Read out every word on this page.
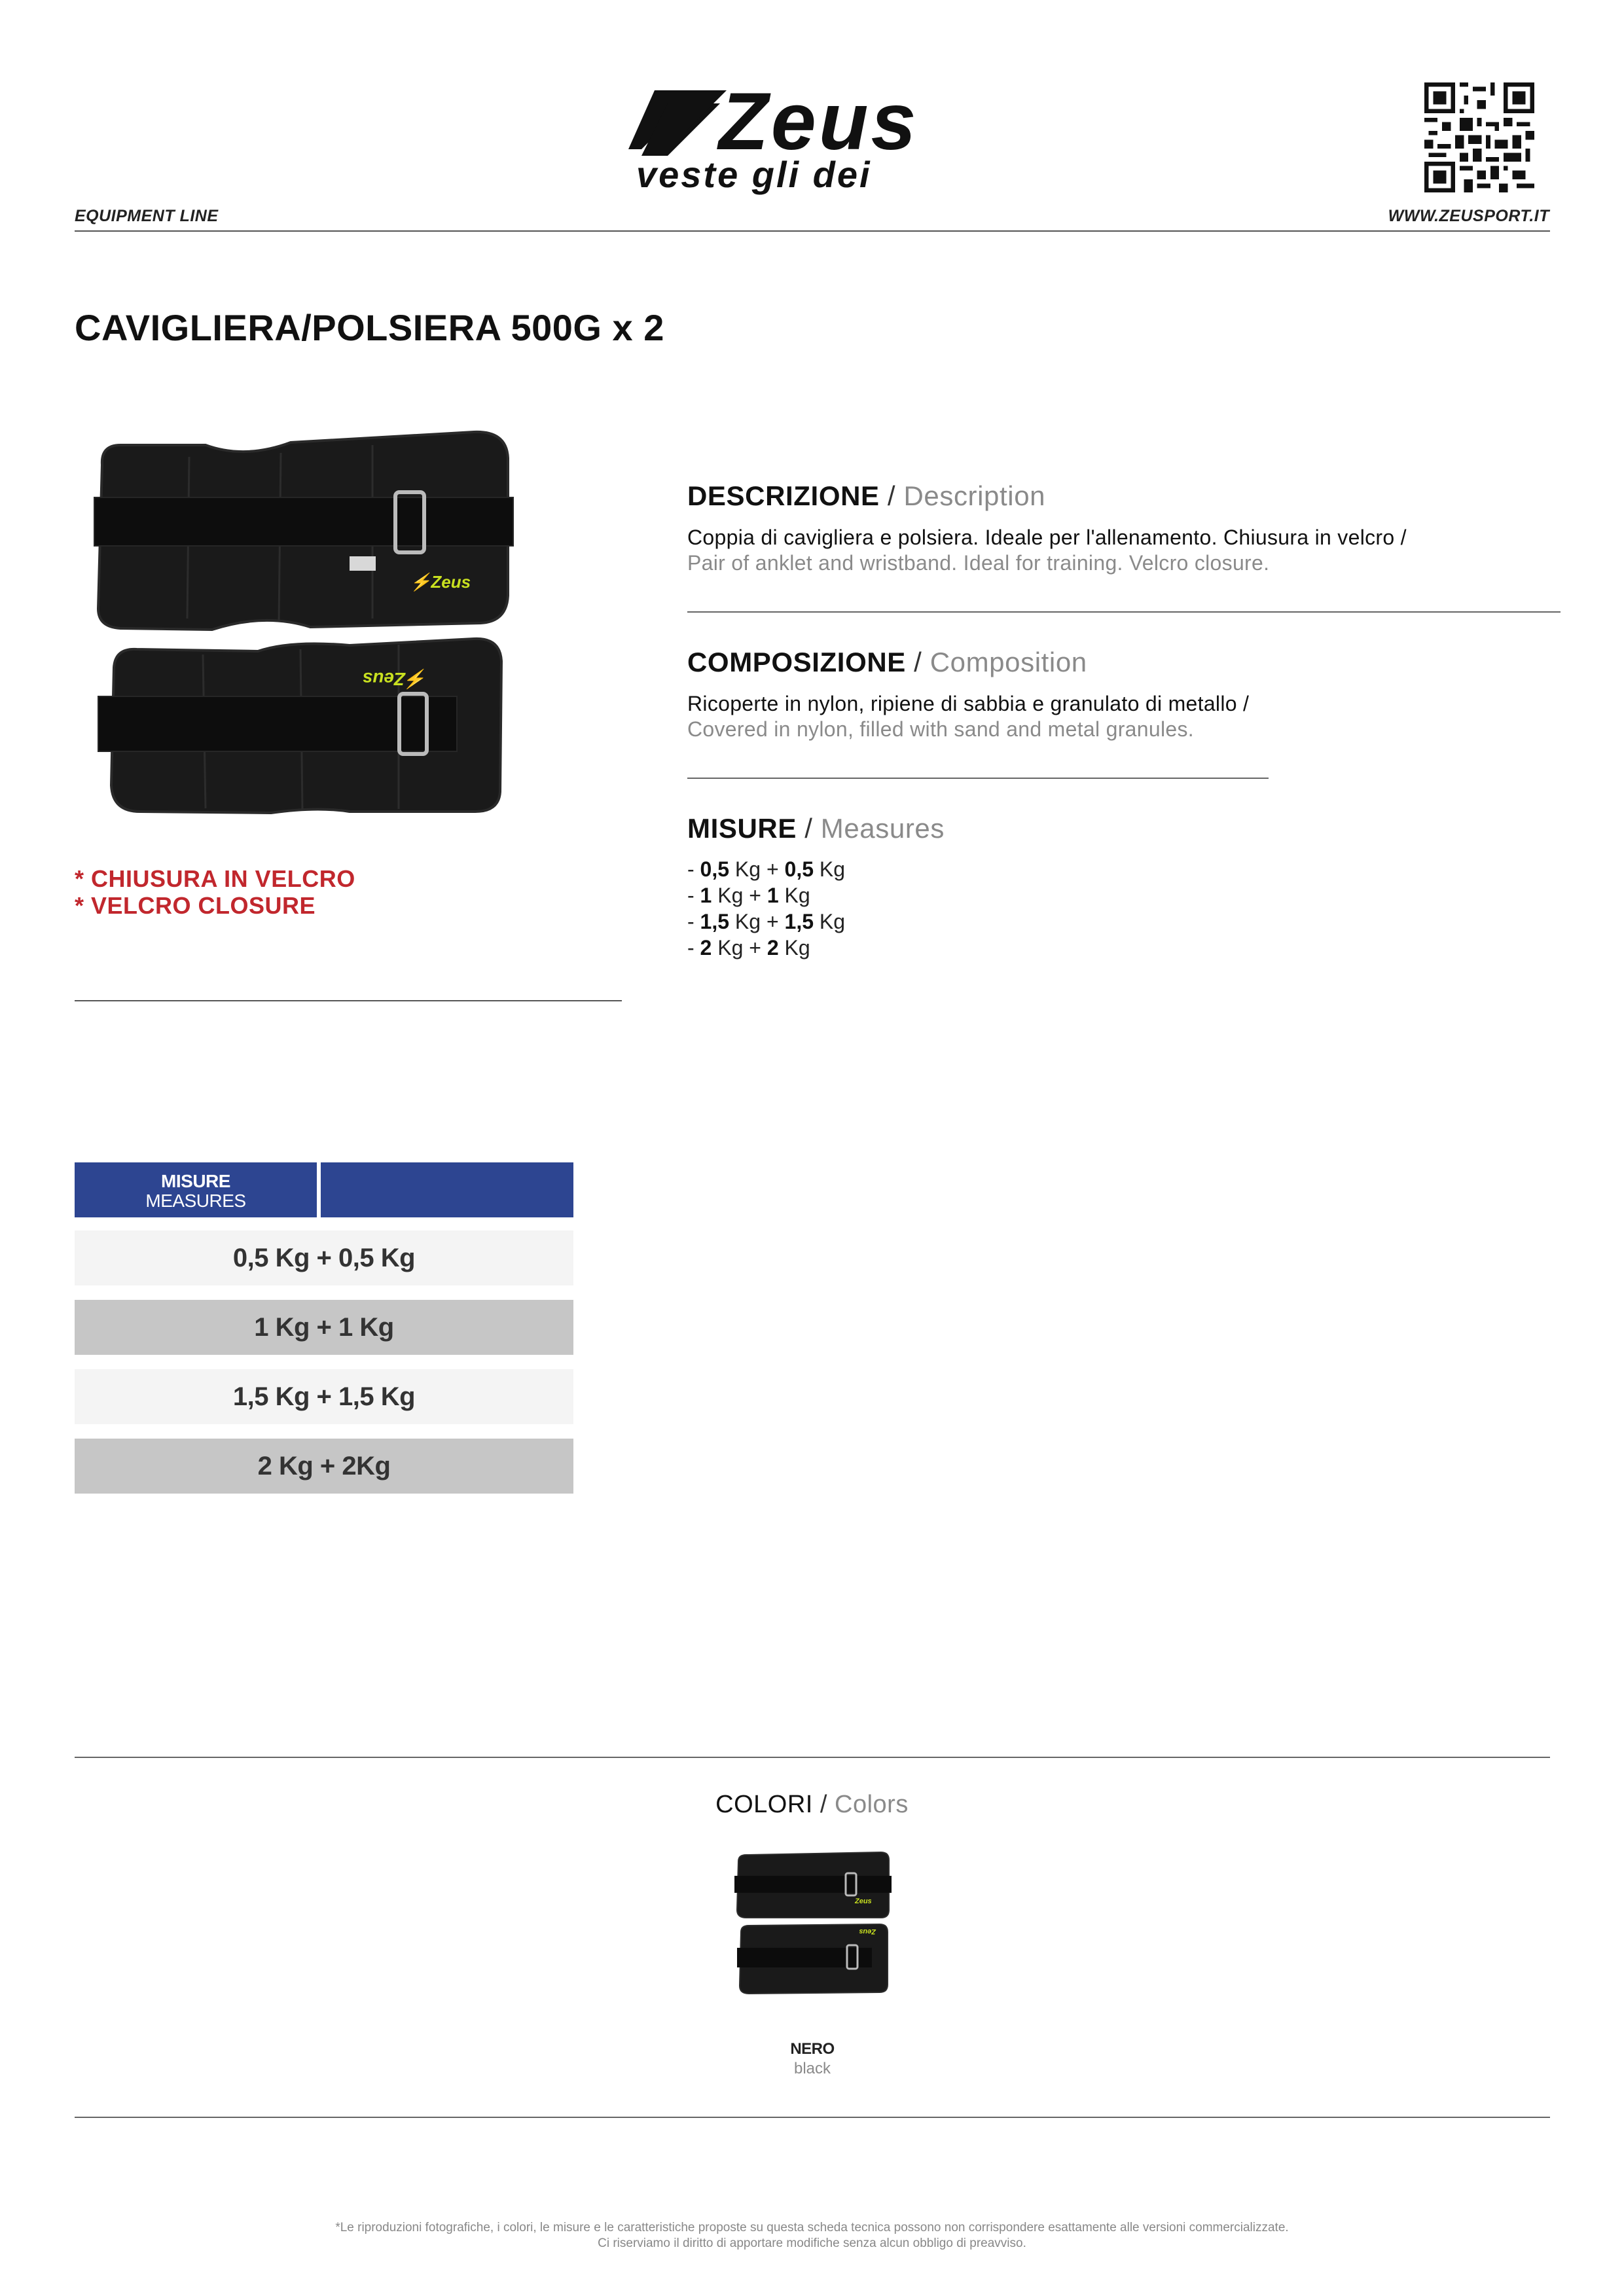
Zeus
veste gli dei
EQUIPMENT LINE	WWW.ZEUSPORT.IT
CAVIGLIERA/POLSIERA 500G x 2
⚡Zeus
⚡Zeus
* CHIUSURA IN VELCRO
* VELCRO CLOSURE
DESCRIZIONE / Description
Coppia di cavigliera e polsiera. Ideale per l'allenamento. Chiusura in velcro /
Pair of anklet and wristband. Ideal for training. Velcro closure.
COMPOSIZIONE / Composition
Ricoperte in nylon, ripiene di sabbia e granulato di metallo /
Covered in nylon, filled with sand and metal granules.
MISURE / Measures
- 0,5 Kg + 0,5 Kg
- 1 Kg + 1 Kg
- 1,5 Kg + 1,5 Kg
- 2 Kg + 2 Kg
MISURE
MEASURES
0,5 Kg + 0,5 Kg
1 Kg + 1 Kg
1,5 Kg + 1,5 Kg
2 Kg + 2Kg
COLORI / Colors
Zeus
Zeus
NERO
black
*Le riproduzioni fotografiche, i colori, le misure e le caratteristiche proposte su questa scheda tecnica possono non corrispondere esattamente alle versioni commercializzate.
Ci riserviamo il diritto di apportare modifiche senza alcun obbligo di preavviso.
